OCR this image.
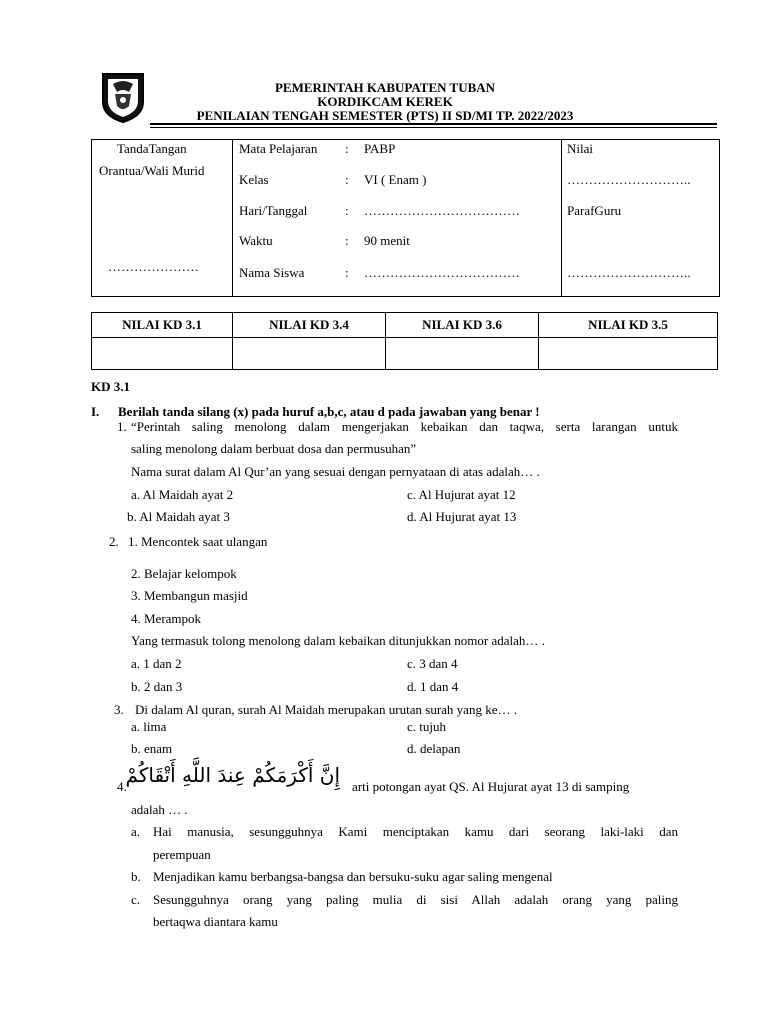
PEMERINTAH KABUPATEN TUBAN
KORDIKCAM KEREK
PENILAIAN TENGAH SEMESTER (PTS) II SD/MI TP. 2022/2023

TandaTangan
Orantua/Wali Murid
…………………
Mata Pelajaran : PABP
Kelas	: VI ( Enam )
Hari/Tanggal	: ………………………………
Waktu	: 90 menit
Nama Siswa	: ………………………………
Nilai
………………………..
ParafGuru
………………………..
NILAI KD 3.1	NILAI KD 3.4	NILAI KD 3.6	NILAI KD 3.5

KD 3.1
I. Berilah tanda silang (x) pada huruf a,b,c, atau d pada jawaban yang benar !
1. “Perintah saling menolong dalam mengerjakan kebaikan dan taqwa, serta larangan untuk
saling menolong dalam berbuat dosa dan permusuhan”
Nama surat dalam Al Qur’an yang sesuai dengan pernyataan di atas adalah… .
a. Al Maidah ayat 2	c. Al Hujurat ayat 12
b. Al Maidah ayat 3	d. Al Hujurat ayat 13
2. 1. Mencontek saat ulangan
2. Belajar kelompok
3. Membangun masjid
4. Merampok
Yang termasuk tolong menolong dalam kebaikan ditunjukkan nomor adalah… .
a. 1 dan 2	c. 3 dan 4
b. 2 dan 3	d. 1 dan 4
3. Di dalam Al quran, surah Al Maidah merupakan urutan surah yang ke… .
a. lima	c. tujuh
b. enam	d. delapan
4.
إِنَّ أَكْرَمَكُمْ عِندَ اللَّهِ أَتْقَاكُمْ arti potongan ayat QS. Al Hujurat ayat 13 di samping
adalah … .
a. Hai manusia, sesungguhnya Kami menciptakan kamu dari seorang laki-laki dan
perempuan
b. Menjadikan kamu berbangsa-bangsa dan bersuku-suku agar saling mengenal
c. Sesungguhnya orang yang paling mulia di sisi Allah adalah orang yang paling
bertaqwa diantara kamu
